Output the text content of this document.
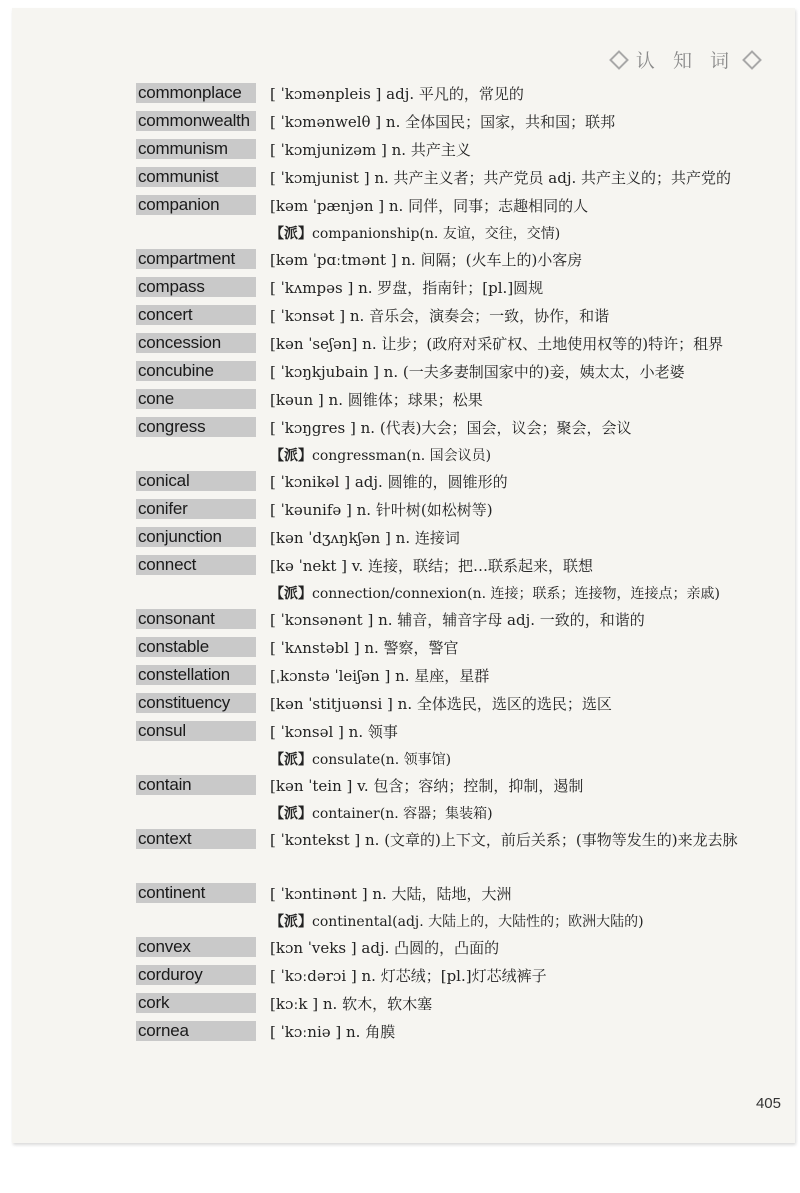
认 知 词
commonplace	[ ˈkɔmənpleis ] adj. 平凡的，常见的
commonwealth	[ ˈkɔmənwelθ ] n. 全体国民；国家，共和国；联邦
communism	[ ˈkɔmjunizəm ] n. 共产主义
communist	[ ˈkɔmjunist ] n. 共产主义者；共产党员 adj. 共产主义的；共产党的
companion	[kəm ˈpænjən ] n. 同伴，同事；志趣相同的人
【派】companionship(n. 友谊，交往，交情)
compartment	[kəm ˈpɑːtmənt ] n. 间隔；(火车上的)小客房
compass	[ ˈkʌmpəs ] n. 罗盘，指南针；[pl.]圆规
concert	[ ˈkɔnsət ] n. 音乐会，演奏会；一致，协作，和谐
concession	[kən ˈseʃən] n. 让步；(政府对采矿权、土地使用权等的)特许；租界
concubine	[ ˈkɔŋkjubain ] n. (一夫多妻制国家中的)妾，姨太太，小老婆
cone	[kəun ] n. 圆锥体；球果；松果
congress	[ ˈkɔŋgres ] n. (代表)大会；国会，议会；聚会，会议
【派】congressman(n. 国会议员)
conical	[ ˈkɔnikəl ] adj. 圆锥的，圆锥形的
conifer	[ ˈkəunifə ] n. 针叶树(如松树等)
conjunction	[kən ˈdʒʌŋkʃən ] n. 连接词
connect	[kə ˈnekt ] v. 连接，联结；把…联系起来，联想
【派】connection/connexion(n. 连接；联系；连接物，连接点；亲戚)
consonant	[ ˈkɔnsənənt ] n. 辅音，辅音字母 adj. 一致的，和谐的
constable	[ ˈkʌnstəbl ] n. 警察，警官
constellation	[ˌkɔnstə ˈleiʃən ] n. 星座，星群
constituency	[kən ˈstitjuənsi ] n. 全体选民，选区的选民；选区
consul	[ ˈkɔnsəl ] n. 领事
【派】consulate(n. 领事馆)
contain	[kən ˈtein ] v. 包含；容纳；控制，抑制，遏制
【派】container(n. 容器；集装箱)
context	[ ˈkɔntekst ] n. (文章的)上下文，前后关系；(事物等发生的)来龙去脉
continent	[ ˈkɔntinənt ] n. 大陆，陆地，大洲
【派】continental(adj. 大陆上的，大陆性的；欧洲大陆的)
convex	[kɔn ˈveks ] adj. 凸圆的，凸面的
corduroy	[ ˈkɔːdərɔi ] n. 灯芯绒；[pl.]灯芯绒裤子
cork	[kɔːk ] n. 软木，软木塞
cornea	[ ˈkɔːniə ] n. 角膜
405
